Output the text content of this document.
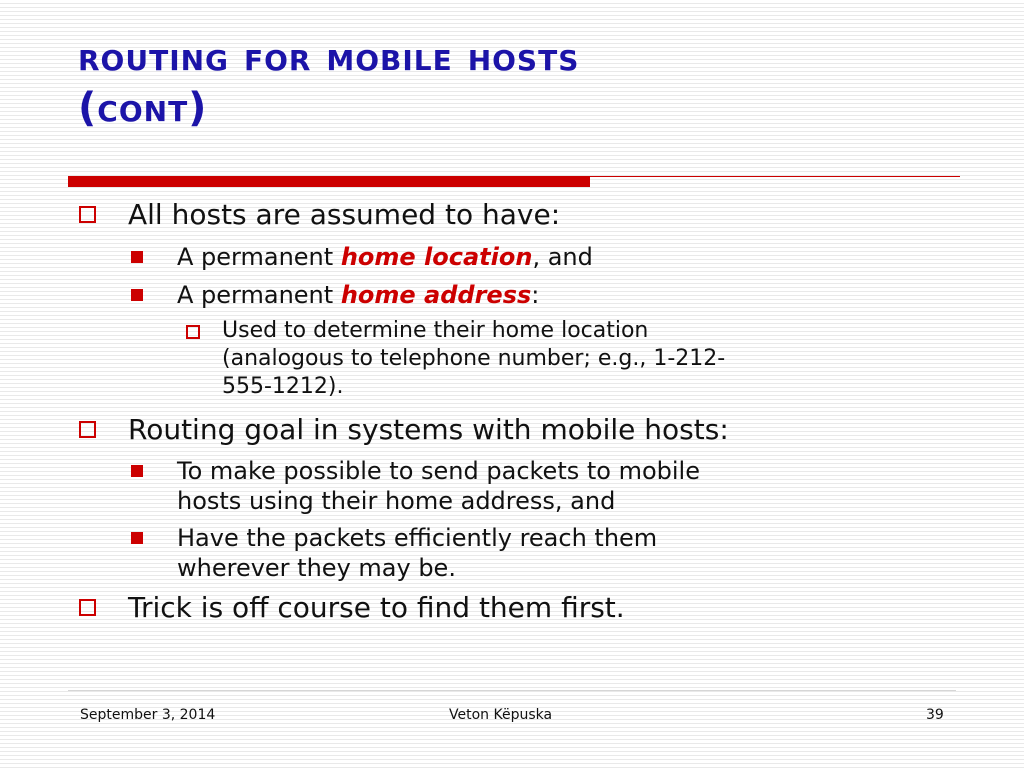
routing for mobile hosts
(cont)
All hosts are assumed to have:
A permanent home location, and
A permanent home address:
Used to determine their home location
(analogous to telephone number; e.g., 1-212-
555-1212).
Routing goal in systems with mobile hosts:
To make possible to send packets to mobile
hosts using their home address, and
Have the packets efficiently reach them
wherever they may be.
Trick is off course to find them first.
September 3, 2014	Veton Këpuska	39
